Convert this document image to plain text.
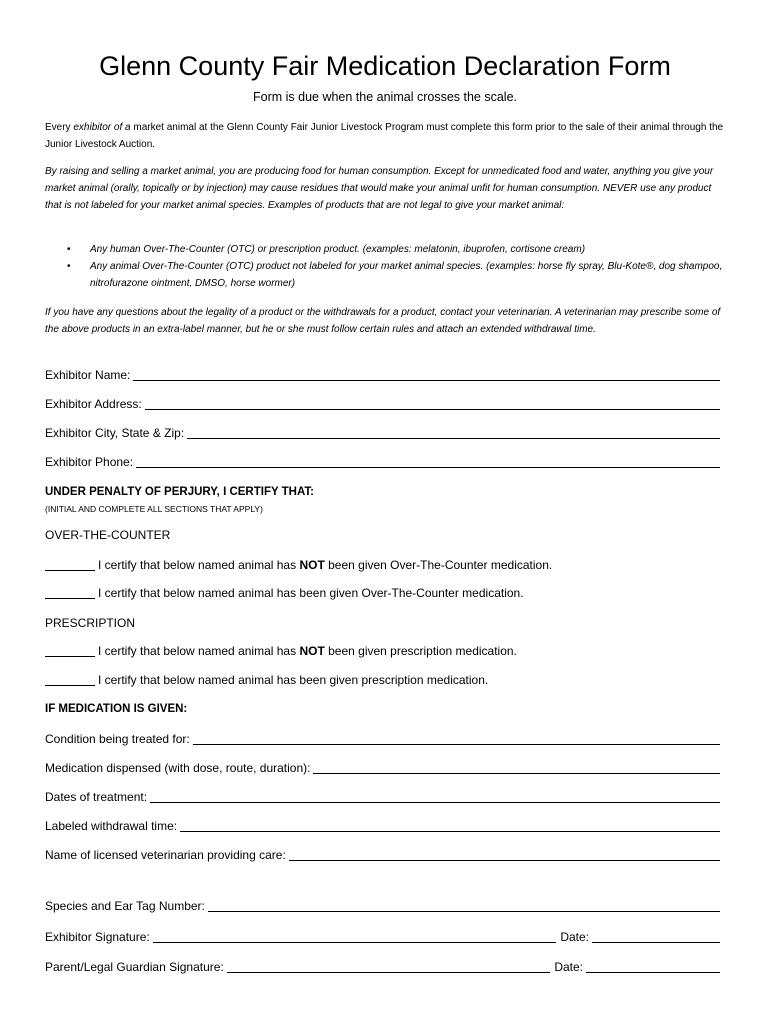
Glenn County Fair Medication Declaration Form
Form is due when the animal crosses the scale.
Every exhibitor of a market animal at the Glenn County Fair Junior Livestock Program must complete this form prior to the sale of their animal through the Junior Livestock Auction.
By raising and selling a market animal, you are producing food for human consumption. Except for unmedicated food and water, anything you give your market animal (orally, topically or by injection) may cause residues that would make your animal unfit for human consumption. NEVER use any product that is not labeled for your market animal species. Examples of products that are not legal to give your market animal:
• Any human Over-The-Counter (OTC) or prescription product. (examples: melatonin, ibuprofen, cortisone cream)
• Any animal Over-The-Counter (OTC) product not labeled for your market animal species. (examples: horse fly spray, Blu-Kote®, dog shampoo, nitrofurazone ointment, DMSO, horse wormer)
If you have any questions about the legality of a product or the withdrawals for a product, contact your veterinarian. A veterinarian may prescribe some of the above products in an extra-label manner, but he or she must follow certain rules and attach an extended withdrawal time.
Exhibitor Name:
Exhibitor Address:
Exhibitor City, State & Zip:
Exhibitor Phone:
UNDER PENALTY OF PERJURY, I CERTIFY THAT:
(INITIAL AND COMPLETE ALL SECTIONS THAT APPLY)
OVER-THE-COUNTER
I certify that below named animal has NOT been given Over-The-Counter medication.
I certify that below named animal has been given Over-The-Counter medication.
PRESCRIPTION
I certify that below named animal has NOT been given prescription medication.
I certify that below named animal has been given prescription medication.
IF MEDICATION IS GIVEN:
Condition being treated for:
Medication dispensed (with dose, route, duration):
Dates of treatment:
Labeled withdrawal time:
Name of licensed veterinarian providing care:
Species and Ear Tag Number:
Exhibitor Signature:	Date:
Parent/Legal Guardian Signature:	Date:
